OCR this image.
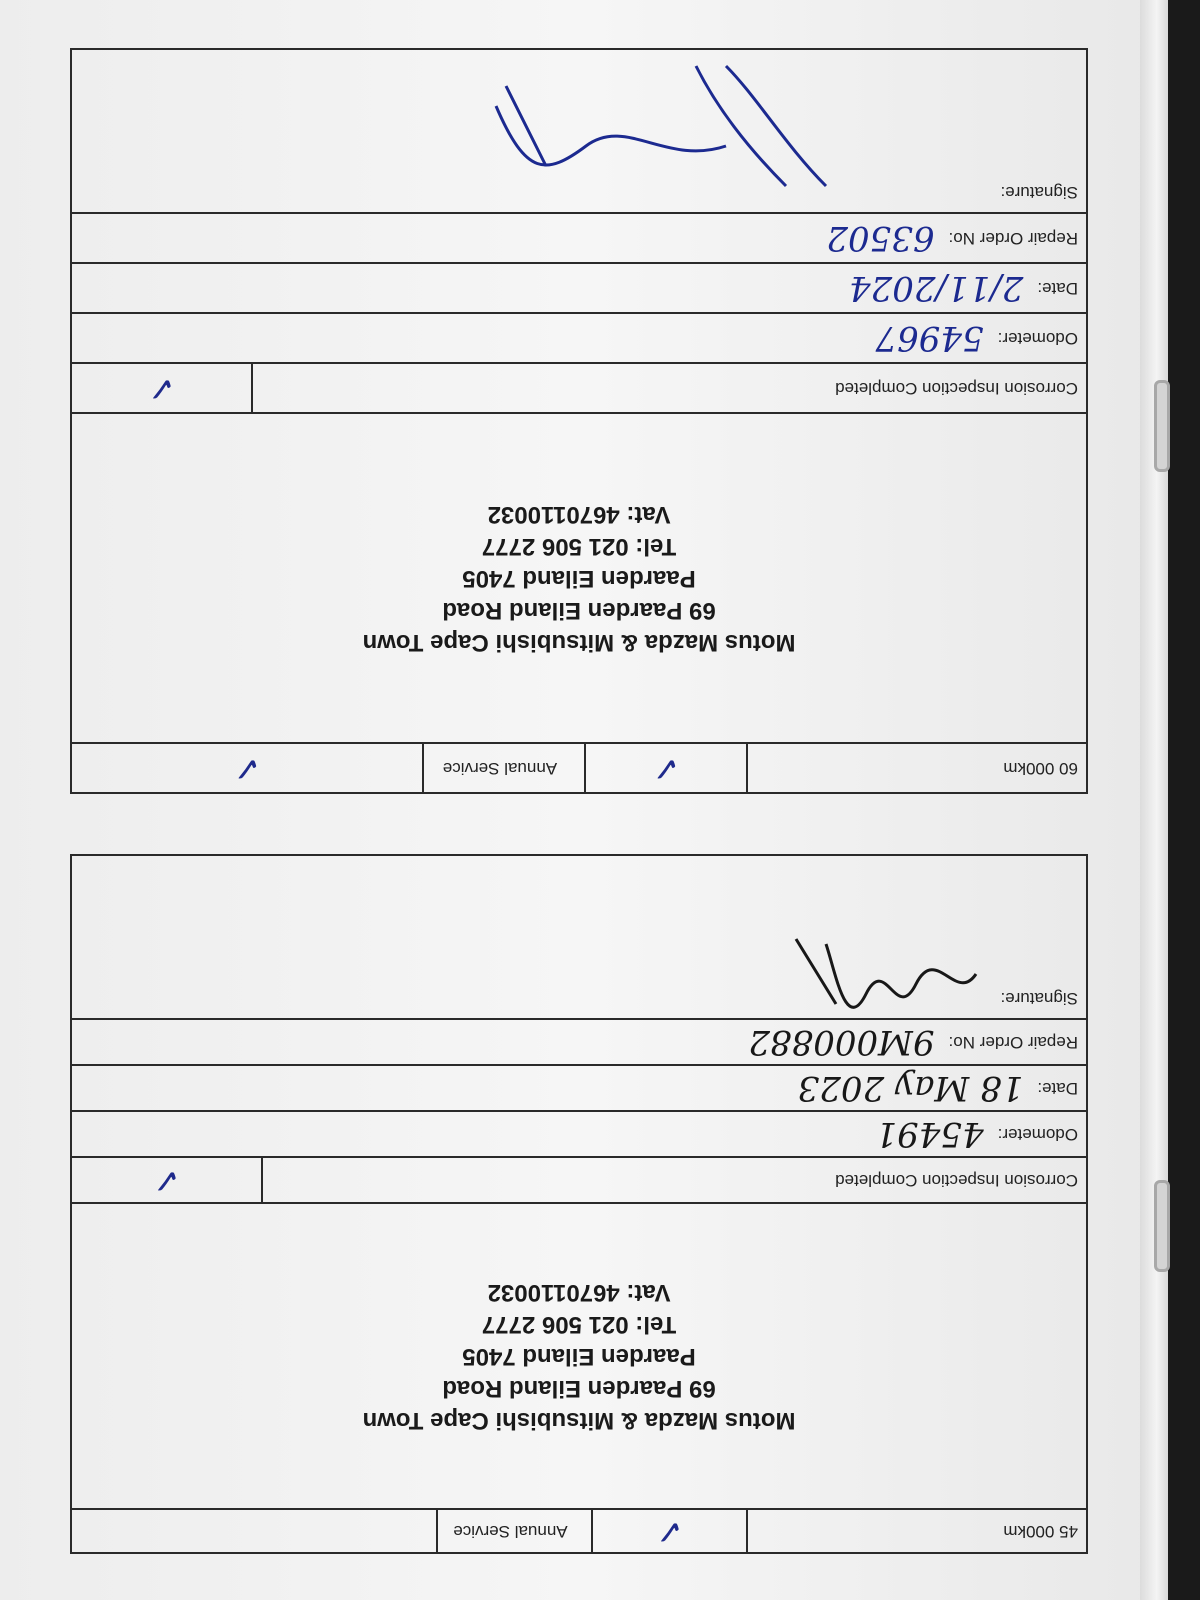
45 000km
✓
Annual Service
Motus Mazda & Mitsubishi Cape Town
69 Paarden Eiland Road
Paarden Eiland 7405
Tel: 021 506 2777
Vat: 4670110032
Corrosion Inspection Completed
✓
Odometer:
45491
Date:
18 May 2023
Repair Order No:
9M000882
Signature:
60 000km
✓
Annual Service
✓
Motus Mazda & Mitsubishi Cape Town
69 Paarden Eiland Road
Paarden Eiland 7405
Tel: 021 506 2777
Vat: 4670110032
Corrosion Inspection Completed
✓
Odometer:
54967
Date:
2/11/2024
Repair Order No:
63502
Signature:
